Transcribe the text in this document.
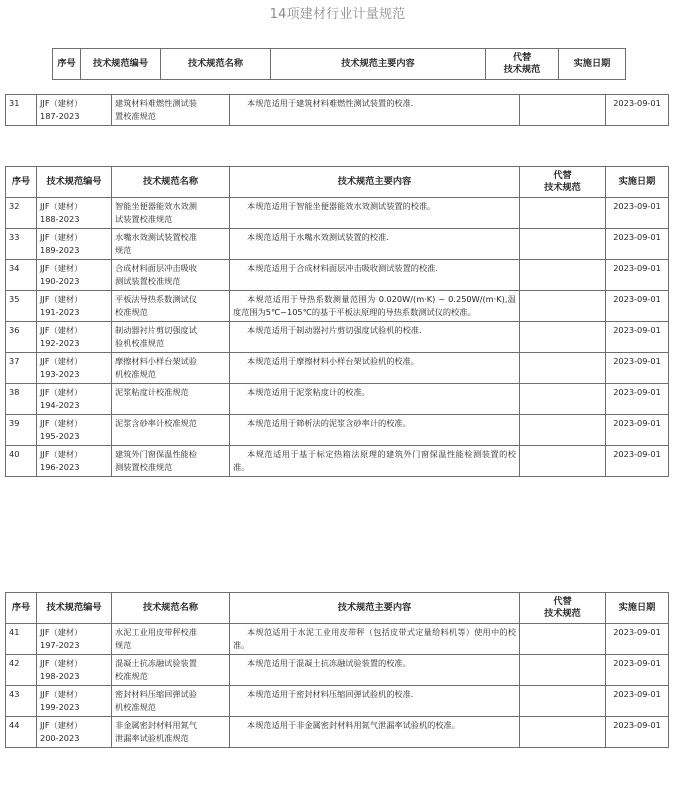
14项建材行业计量规范
序号	技术规范编号	技术规范名称	技术规范主要内容	
代替
技术规范
	实施日期
31	JJF（建材）
187-2023
	建筑材料难燃性测试装
置校准规范
	本规范适用于建筑材料难燃性测试装置的校准.		2023-09-01
序号	技术规范编号	技术规范名称	技术规范主要内容	代替
技术规范	实施日期
32	JJF（建材）
188-2023	智能坐便器能效水效测
试装置校准规范	本规范适用于智能坐便器能效水效测试装置的校准。		2023-09-01
33	JJF（建材）
189-2023	水嘴水效测试装置校准
规范	本规范适用于水嘴水效测试装置的校准.		2023-09-01
34	JJF（建材）
190-2023	合成材料面层冲击吸收
测试装置校准规范	本规范适用于合成材料面层冲击吸收测试装置的校准.		2023-09-01
35	JJF（建材）
191-2023	平板法导热系数测试仪
校准规范	本规范适用于导热系数测量范围为 0.020W/(m·K) ~ 0.250W/(m·K),温度范围为5℃~105℃的基于平板法原理的导热系数测试仪的校准。		2023-09-01
36	JJF（建材）
192-2023	制动器衬片剪切强度试
验机校准规范	本规范适用于制动器衬片剪切强度试验机的校准.		2023-09-01
37	JJF（建材）
193-2023	摩擦材料小样台架试验
机校准规范	本规范适用于摩擦材料小样台架试验机的校准。		2023-09-01
38	JJF（建材）
194-2023	泥浆粘度计校准规范	本规范适用于泥浆粘度计的校准。		2023-09-01
39	JJF（建材）
195-2023	泥浆含砂率计校准规范	本规范适用于筛析法的泥浆含砂率计的校准。		2023-09-01
40	JJF（建材）
196-2023	建筑外门窗保温性能检
测装置校准规范	本规范适用于基于标定热箱法原理的建筑外门窗保温性能检测装置的校准。		2023-09-01
序号	技术规范编号	技术规范名称	技术规范主要内容	代替
技术规范	实施日期
41	JJF（建材）
197-2023	水泥工业用皮带秤校准
规范	本规范适用于水泥工业用皮带秤（包括皮带式定量给料机等）使用中的校准。		2023-09-01
42	JJF（建材）
198-2023	混凝土抗冻融试验装置
校准规范	本规范适用于混凝土抗冻融试验装置的校准。		2023-09-01
43	JJF（建材）
199-2023	密封材料压缩回弹试验
机校准规范	本规范适用于密封材料压缩回弹试验机的校准.		2023-09-01
44	JJF（建材）
200-2023	非金属密封材料用氮气
泄漏率试验机准规范	本规范适用于非金属密封材料用氮气泄漏率试验机的校准。		2023-09-01
